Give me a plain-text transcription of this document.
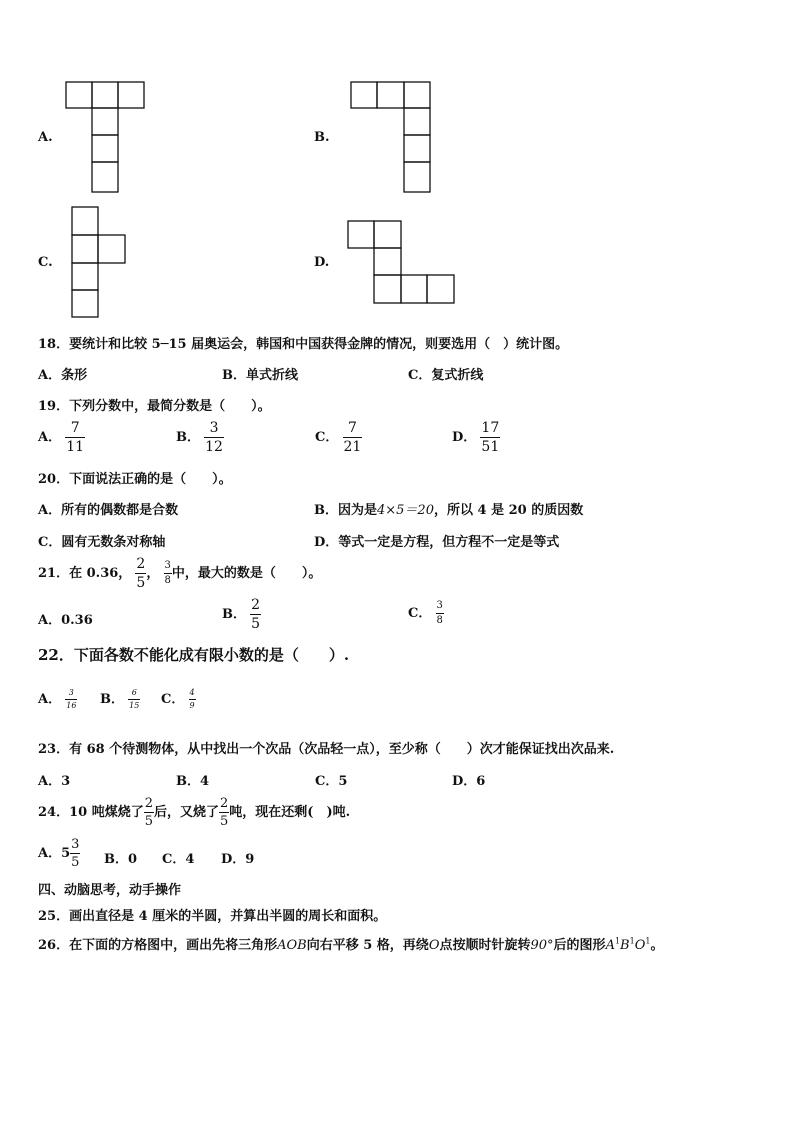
A.	B.
C.	D.
18．要统计和比较 5─15 届奥运会，韩国和中国获得金牌的情况，则要选用（　）统计图。
A．条形	B．单式折线	C．复式折线
19．下列分数中，最简分数是（　　）。
A． $\frac{7}{11}$	B． $\frac{3}{12}$	C． $\frac{7}{21}$	D． $\frac{17}{51}$
20．下面说法正确的是（　　）。
A．所有的偶数都是合数	B．因为是4×5＝20，所以 4 是 20 的质因数
C．圆有无数条对称轴	D．等式一定是方程，但方程不一定是等式
21．在 0.36， $\frac{2}{5}$ ， $\frac{3}{8}$ 中，最大的数是（　　）。
A．0.36	B． $\frac{2}{5}$	C． $\frac{3}{8}$
22．下面各数不能化成有限小数的是（　　）.
A． $\frac{3}{16}$ B． $\frac{6}{15}$ C． $\frac{4}{9}$
23．有 68 个待测物体，从中找出一个次品（次品轻一点），至少称（　　）次才能保证找出次品来.
A．3	B．4	C．5	D．6
24．10 吨煤烧了 $\frac{2}{5}$ 后，又烧了 $\frac{2}{5}$ 吨，现在还剩(　)吨.
A．$5 \frac{3}{5}$ B．0 C．4 D．9
四、动脑思考，动手操作
25．画出直径是 4 厘米的半圆，并算出半圆的周长和面积。
26．在下面的方格图中，画出先将三角形AOB向右平移 5 格，再绕O点按顺时针旋转90°后的图形$A^1B^1O^1$。
